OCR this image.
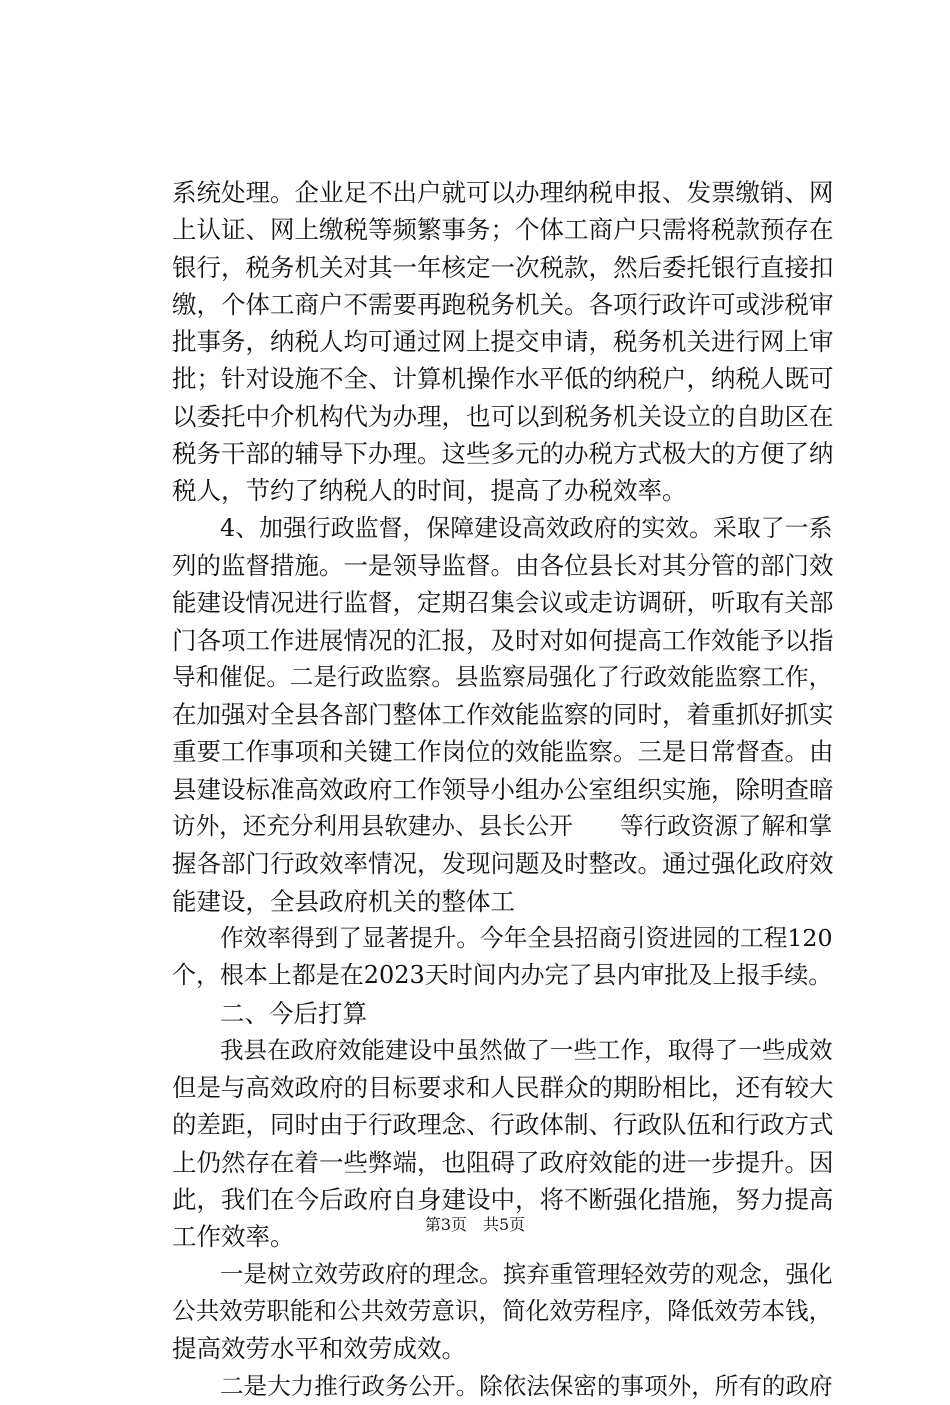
系统处理。企业足不出户就可以办理纳税申报、发票缴销、网
上认证、网上缴税等频繁事务；个体工商户只需将税款预存在
银行，税务机关对其一年核定一次税款，然后委托银行直接扣
缴，个体工商户不需要再跑税务机关。各项行政许可或涉税审
批事务，纳税人均可通过网上提交申请，税务机关进行网上审
批；针对设施不全、计算机操作水平低的纳税户，纳税人既可
以委托中介机构代为办理，也可以到税务机关设立的自助区在
税务干部的辅导下办理。这些多元的办税方式极大的方便了纳
税人，节约了纳税人的时间，提高了办税效率。
4、加强行政监督，保障建设高效政府的实效。采取了一系
列的监督措施。一是领导监督。由各位县长对其分管的部门效
能建设情况进行监督，定期召集会议或走访调研，听取有关部
门各项工作进展情况的汇报，及时对如何提高工作效能予以指
导和催促。二是行政监察。县监察局强化了行政效能监察工作，
在加强对全县各部门整体工作效能监察的同时，着重抓好抓实
重要工作事项和关键工作岗位的效能监察。三是日常督查。由
县建设标准高效政府工作领导小组办公室组织实施，除明查暗
访外，还充分利用县软建办、县长公开　　等行政资源了解和掌
握各部门行政效率情况，发现问题及时整改。通过强化政府效
能建设，全县政府机关的整体工
作效率得到了显著提升。今年全县招商引资进园的工程120
个，根本上都是在2023天时间内办完了县内审批及上报手续。
二、今后打算
我县在政府效能建设中虽然做了一些工作，取得了一些成效
但是与高效政府的目标要求和人民群众的期盼相比，还有较大
的差距，同时由于行政理念、行政体制、行政队伍和行政方式
上仍然存在着一些弊端，也阻碍了政府效能的进一步提升。因
此，我们在今后政府自身建设中，将不断强化措施，努力提高
工作效率。
一是树立效劳政府的理念。摈弃重管理轻效劳的观念，强化
公共效劳职能和公共效劳意识，简化效劳程序，降低效劳本钱，
提高效劳水平和效劳成效。
二是大力推行政务公开。除依法保密的事项外，所有的政府
第3页　共5页
